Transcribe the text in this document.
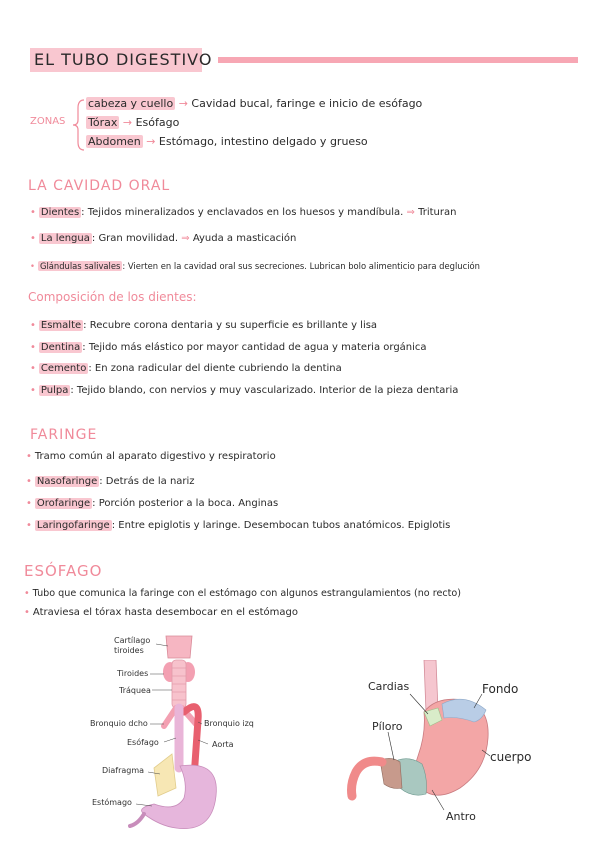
EL TUBO DIGESTIVO
ZONAS
cabeza y cuello → Cavidad bucal, faringe e inicio de esófago
Tórax → Esófago
Abdomen → Estómago, intestino delgado y grueso
LA CAVIDAD ORAL
• Dientes : Tejidos mineralizados y enclavados en los huesos y mandíbula. ⇒ Trituran
• La lengua : Gran movilidad. ⇒ Ayuda a masticación
• Glándulas salivales : Vierten en la cavidad oral sus secreciones. Lubrican bolo alimenticio para deglución
Composición de los dientes:
• Esmalte : Recubre corona dentaria y su superficie es brillante y lisa
• Dentina : Tejido más elástico por mayor cantidad de agua y materia orgánica
• Cemento : En zona radicular del diente cubriendo la dentina
• Pulpa : Tejido blando, con nervios y muy vascularizado. Interior de la pieza dentaria
FARINGE
• Tramo común al aparato digestivo y respiratorio
• Nasofaringe : Detrás de la nariz
• Orofaringe : Porción posterior a la boca. Anginas
• Laringofaringe : Entre epiglotis y laringe. Desembocan tubos anatómicos. Epiglotis
ESÓFAGO
• Tubo que comunica la faringe con el estómago con algunos estrangulamientos (no recto)
• Atraviesa el tórax hasta desembocar en el estómago
Cartílago tiroides
Tiroides
Tráquea
Bronquio dcho	Bronquio izq
Esófago	Aorta
Diafragma
Estómago
Cardias	Fondo
Píloro
cuerpo
Antro
